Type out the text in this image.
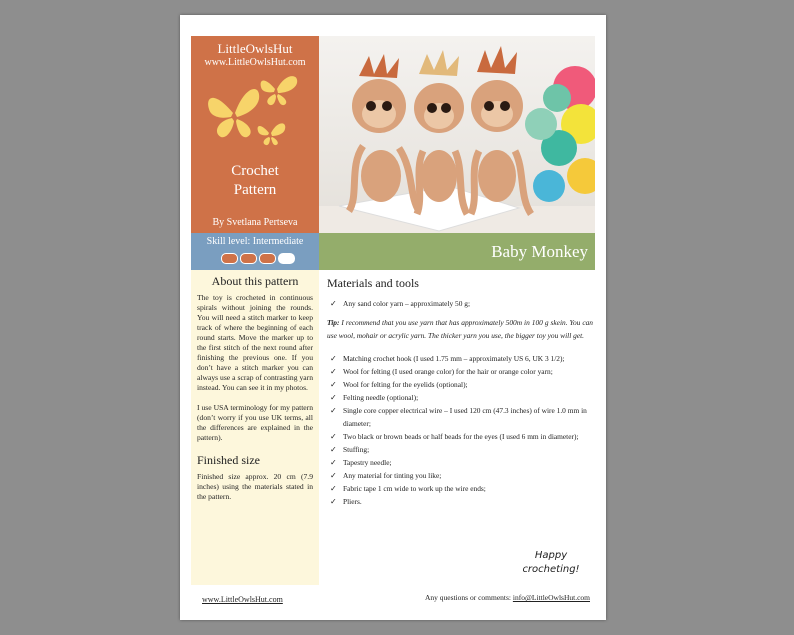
LittleOwlsHut
www.LittleOwlsHut.com
Crochet Pattern
By Svetlana Pertseva
Skill level: Intermediate
Baby Monkey
About this pattern

The toy is crocheted in continuous spirals without joining the rounds. You will need a stitch marker to keep track of where the beginning of each round starts. Move the marker up to the first stitch of the next round after finishing the previous one. If you don’t have a stitch marker you can always use a scrap of contrasting yarn instead. You can see it in my photos.

I use USA terminology for my pattern (don’t worry if you use UK terms, all the differences are explained in the pattern).

Finished size
Finished size approx. 20 cm (7.9 inches) using the materials stated in the pattern.
Materials and tools
✓ Any sand color yarn – approximately 50 g;
Tip: I recommend that you use yarn that has approximately 500m in 100 g skein. You can use wool, mohair or acrylic yarn. The thicker yarn you use, the bigger toy you will get.
✓ Matching crochet hook (I used 1.75 mm – approximately US 6, UK 3 1/2);
✓ Wool for felting (I used orange color) for the hair or orange color yarn;
✓ Wool for felting for the eyelids (optional);
✓ Felting needle (optional);
✓ Single core copper electrical wire – I used 120 cm (47.3 inches) of wire 1.0 mm in diameter;
✓ Two black or brown beads or half beads for the eyes (I used 6 mm in diameter);
✓ Stuffing;
✓ Tapestry needle;
✓ Any material for tinting you like;
✓ Fabric tape 1 cm wide to work up the wire ends;
✓ Pliers.
Happy
crocheting!
www.LittleOwlsHut.com	Any questions or comments: info@LittleOwlsHut.com
